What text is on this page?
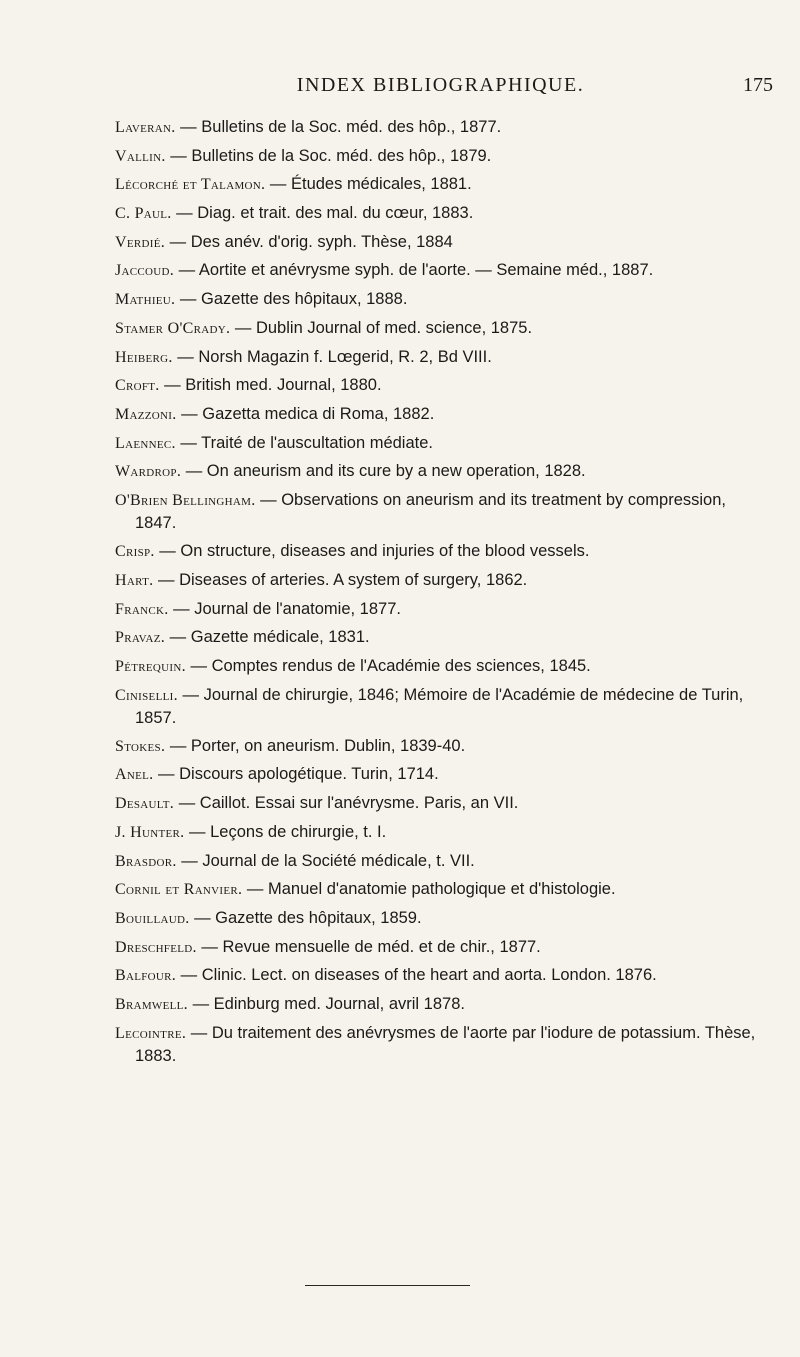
INDEX BIBLIOGRAPHIQUE.	175

Laveran. — Bulletins de la Soc. méd. des hôp., 1877.

Vallin. — Bulletins de la Soc. méd. des hôp., 1879.

Lécorché et Talamon. — Études médicales, 1881.

C. Paul. — Diag. et trait. des mal. du cœur, 1883.

Verdié. — Des anév. d'orig. syph. Thèse, 1884

Jaccoud. — Aortite et anévrysme syph. de l'aorte. — Semaine méd., 1887.

Mathieu. — Gazette des hôpitaux, 1888.

Stamer O'Crady. — Dublin Journal of med. science, 1875.

Heiberg. — Norsh Magazin f. Lœgerid, R. 2, Bd VIII.

Croft. — British med. Journal, 1880.

Mazzoni. — Gazetta medica di Roma, 1882.

Laennec. — Traité de l'auscultation médiate.

Wardrop. — On aneurism and its cure by a new operation, 1828.

O'Brien Bellingham. — Observations on aneurism and its treatment by compression, 1847.

Crisp. — On structure, diseases and injuries of the blood vessels.

Hart. — Diseases of arteries. A system of surgery, 1862.

Franck. — Journal de l'anatomie, 1877.

Pravaz. — Gazette médicale, 1831.

Pétrequin. — Comptes rendus de l'Académie des sciences, 1845.

Ciniselli. — Journal de chirurgie, 1846; Mémoire de l'Académie de médecine de Turin, 1857.

Stokes. — Porter, on aneurism. Dublin, 1839-40.

Anel. — Discours apologétique. Turin, 1714.

Desault. — Caillot. Essai sur l'anévrysme. Paris, an VII.

J. Hunter. — Leçons de chirurgie, t. I.

Brasdor. — Journal de la Société médicale, t. VII.

Cornil et Ranvier. — Manuel d'anatomie pathologique et d'histologie.

Bouillaud. — Gazette des hôpitaux, 1859.

Dreschfeld. — Revue mensuelle de méd. et de chir., 1877.

Balfour. — Clinic. Lect. on diseases of the heart and aorta. London. 1876.

Bramwell. — Edinburg med. Journal, avril 1878.

Lecointre. — Du traitement des anévrysmes de l'aorte par l'iodure de potassium. Thèse, 1883.
